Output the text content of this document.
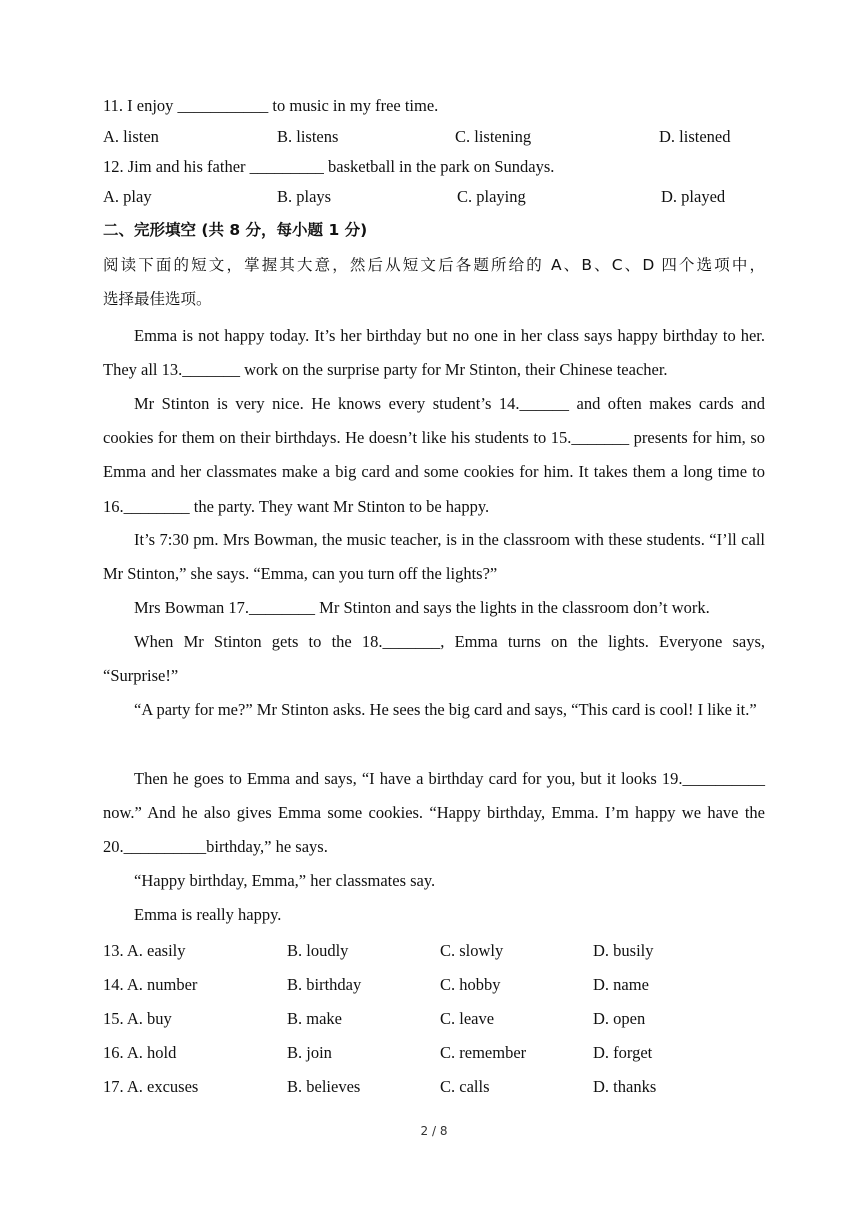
11. I enjoy ___________ to music in my free time.
A. listen	B. listens	C. listening	D. listened
12. Jim and his father _________ basketball in the park on Sundays.
A. play	B. plays	C. playing	D. played
二、完形填空 (共 8 分，每小题 1 分)
阅读下面的短文，掌握其大意，然后从短文后各题所给的 A、B、C、D 四个选项中，
选择最佳选项。
Emma is not happy today. It’s her birthday but no one in her class says happy birthday to her. They all 13._______ work on the surprise party for Mr Stinton, their Chinese teacher.
Mr Stinton is very nice. He knows every student’s 14.______ and often makes cards and cookies for them on their birthdays. He doesn’t like his students to 15._______ presents for him, so Emma and her classmates make a big card and some cookies for him. It takes them a long time to 16.________ the party. They want Mr Stinton to be happy.
It’s 7:30 pm. Mrs Bowman, the music teacher, is in the classroom with these students. “I’ll call Mr Stinton,” she says. “Emma, can you turn off the lights?”
Mrs Bowman 17.________ Mr Stinton and says the lights in the classroom don’t work.
When Mr Stinton gets to the 18._______, Emma turns on the lights. Everyone says, “Surprise!”
“A party for me?” Mr Stinton asks. He sees the big card and says, “This card is cool! I like it.”
Then he goes to Emma and says, “I have a birthday card for you, but it looks 19.__________ now.” And he also gives Emma some cookies. “Happy birthday, Emma. I’m happy we have the 20.__________birthday,” he says.
“Happy birthday, Emma,” her classmates say.
Emma is really happy.
13. A. easily	B. loudly	C. slowly	D. busily
14. A. number	B. birthday	C. hobby	D. name
15. A. buy	B. make	C. leave	D. open
16. A. hold	B. join	C. remember	D. forget
17. A. excuses	B. believes	C. calls	D. thanks
2 / 8
